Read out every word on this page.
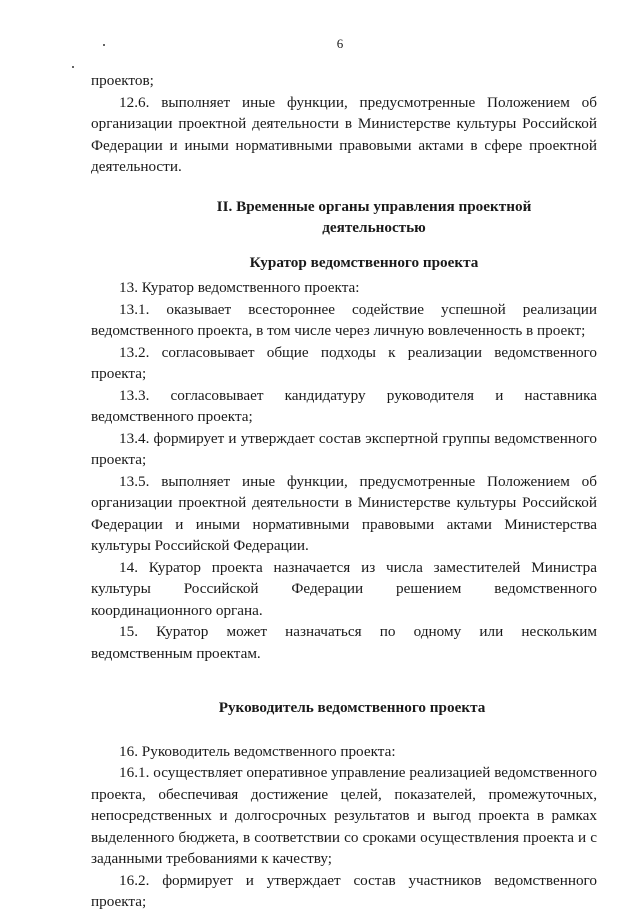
6

проектов;

12.6. выполняет иные функции, предусмотренные Положением об организации проектной деятельности в Министерстве культуры Российской Федерации и иными нормативными правовыми актами в сфере проектной деятельности.

II. Временные органы управления проектной
деятельностью
Куратор ведомственного проекта

13. Куратор ведомственного проекта:

13.1. оказывает всестороннее содействие успешной реализации ведомственного проекта, в том числе через личную вовлеченность в проект;

13.2. согласовывает общие подходы к реализации ведомственного проекта;

13.3. согласовывает кандидатуру руководителя и наставника ведомственного проекта;

13.4. формирует и утверждает состав экспертной группы ведомственного проекта;

13.5. выполняет иные функции, предусмотренные Положением об организации проектной деятельности в Министерстве культуры Российской Федерации и иными нормативными правовыми актами Министерства культуры Российской Федерации.

14. Куратор проекта назначается из числа заместителей Министра культуры Российской Федерации решением ведомственного координационного органа.

15. Куратор может назначаться по одному или нескольким ведомственным проектам.

Руководитель ведомственного проекта

16. Руководитель ведомственного проекта:

16.1. осуществляет оперативное управление реализацией ведомственного проекта, обеспечивая достижение целей, показателей, промежуточных, непосредственных и долгосрочных результатов и выгод проекта в рамках выделенного бюджета, в соответствии со сроками осуществления проекта и с заданными требованиями к качеству;

16.2. формирует и утверждает состав участников ведомственного проекта;
